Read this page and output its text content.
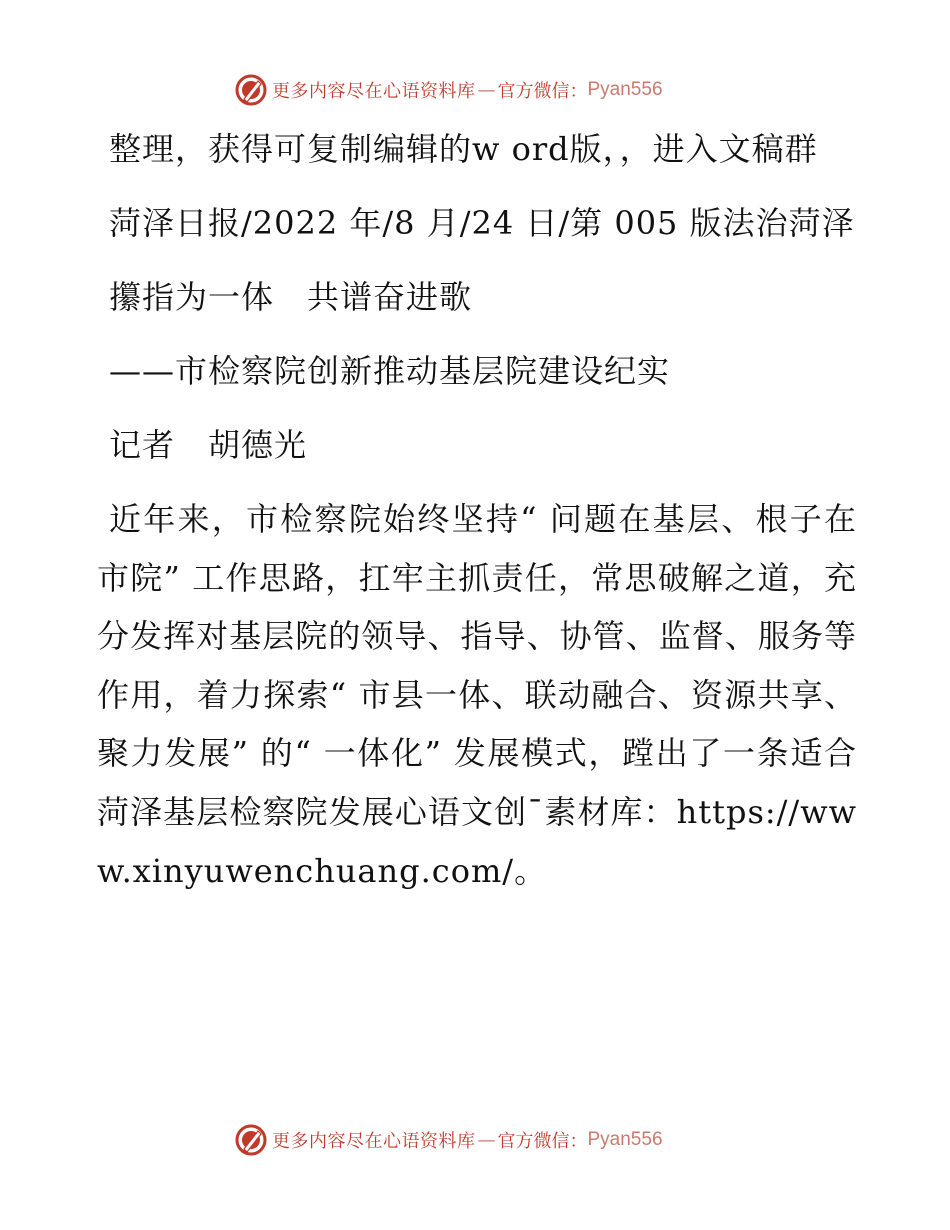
更多内容尽在心语资料库 — 官方微信： Pyan556

整理，获得可复制编辑的w ord版，，进入文稿群

菏泽日报/2022 年/8 月/24 日/第 005 版法治菏泽

攥指为一体　共谱奋进歌

——市检察院创新推动基层院建设纪实

记者　胡德光

近年来，市检察院始终坚持“ 问题在基层、根子在市院” 工作思路，扛牢主抓责任，常思破解之道，充分发挥对基层院的领导、指导、协管、监督、服务等作用，着力探索“ 市县一体、联动融合、资源共享、聚力发展” 的“ 一体化” 发展模式，蹚出了一条适合菏泽基层检察院发展心语文创¯素材库：https://www.xinyuwenchuang.com/。

更多内容尽在心语资料库 — 官方微信： Pyan556
